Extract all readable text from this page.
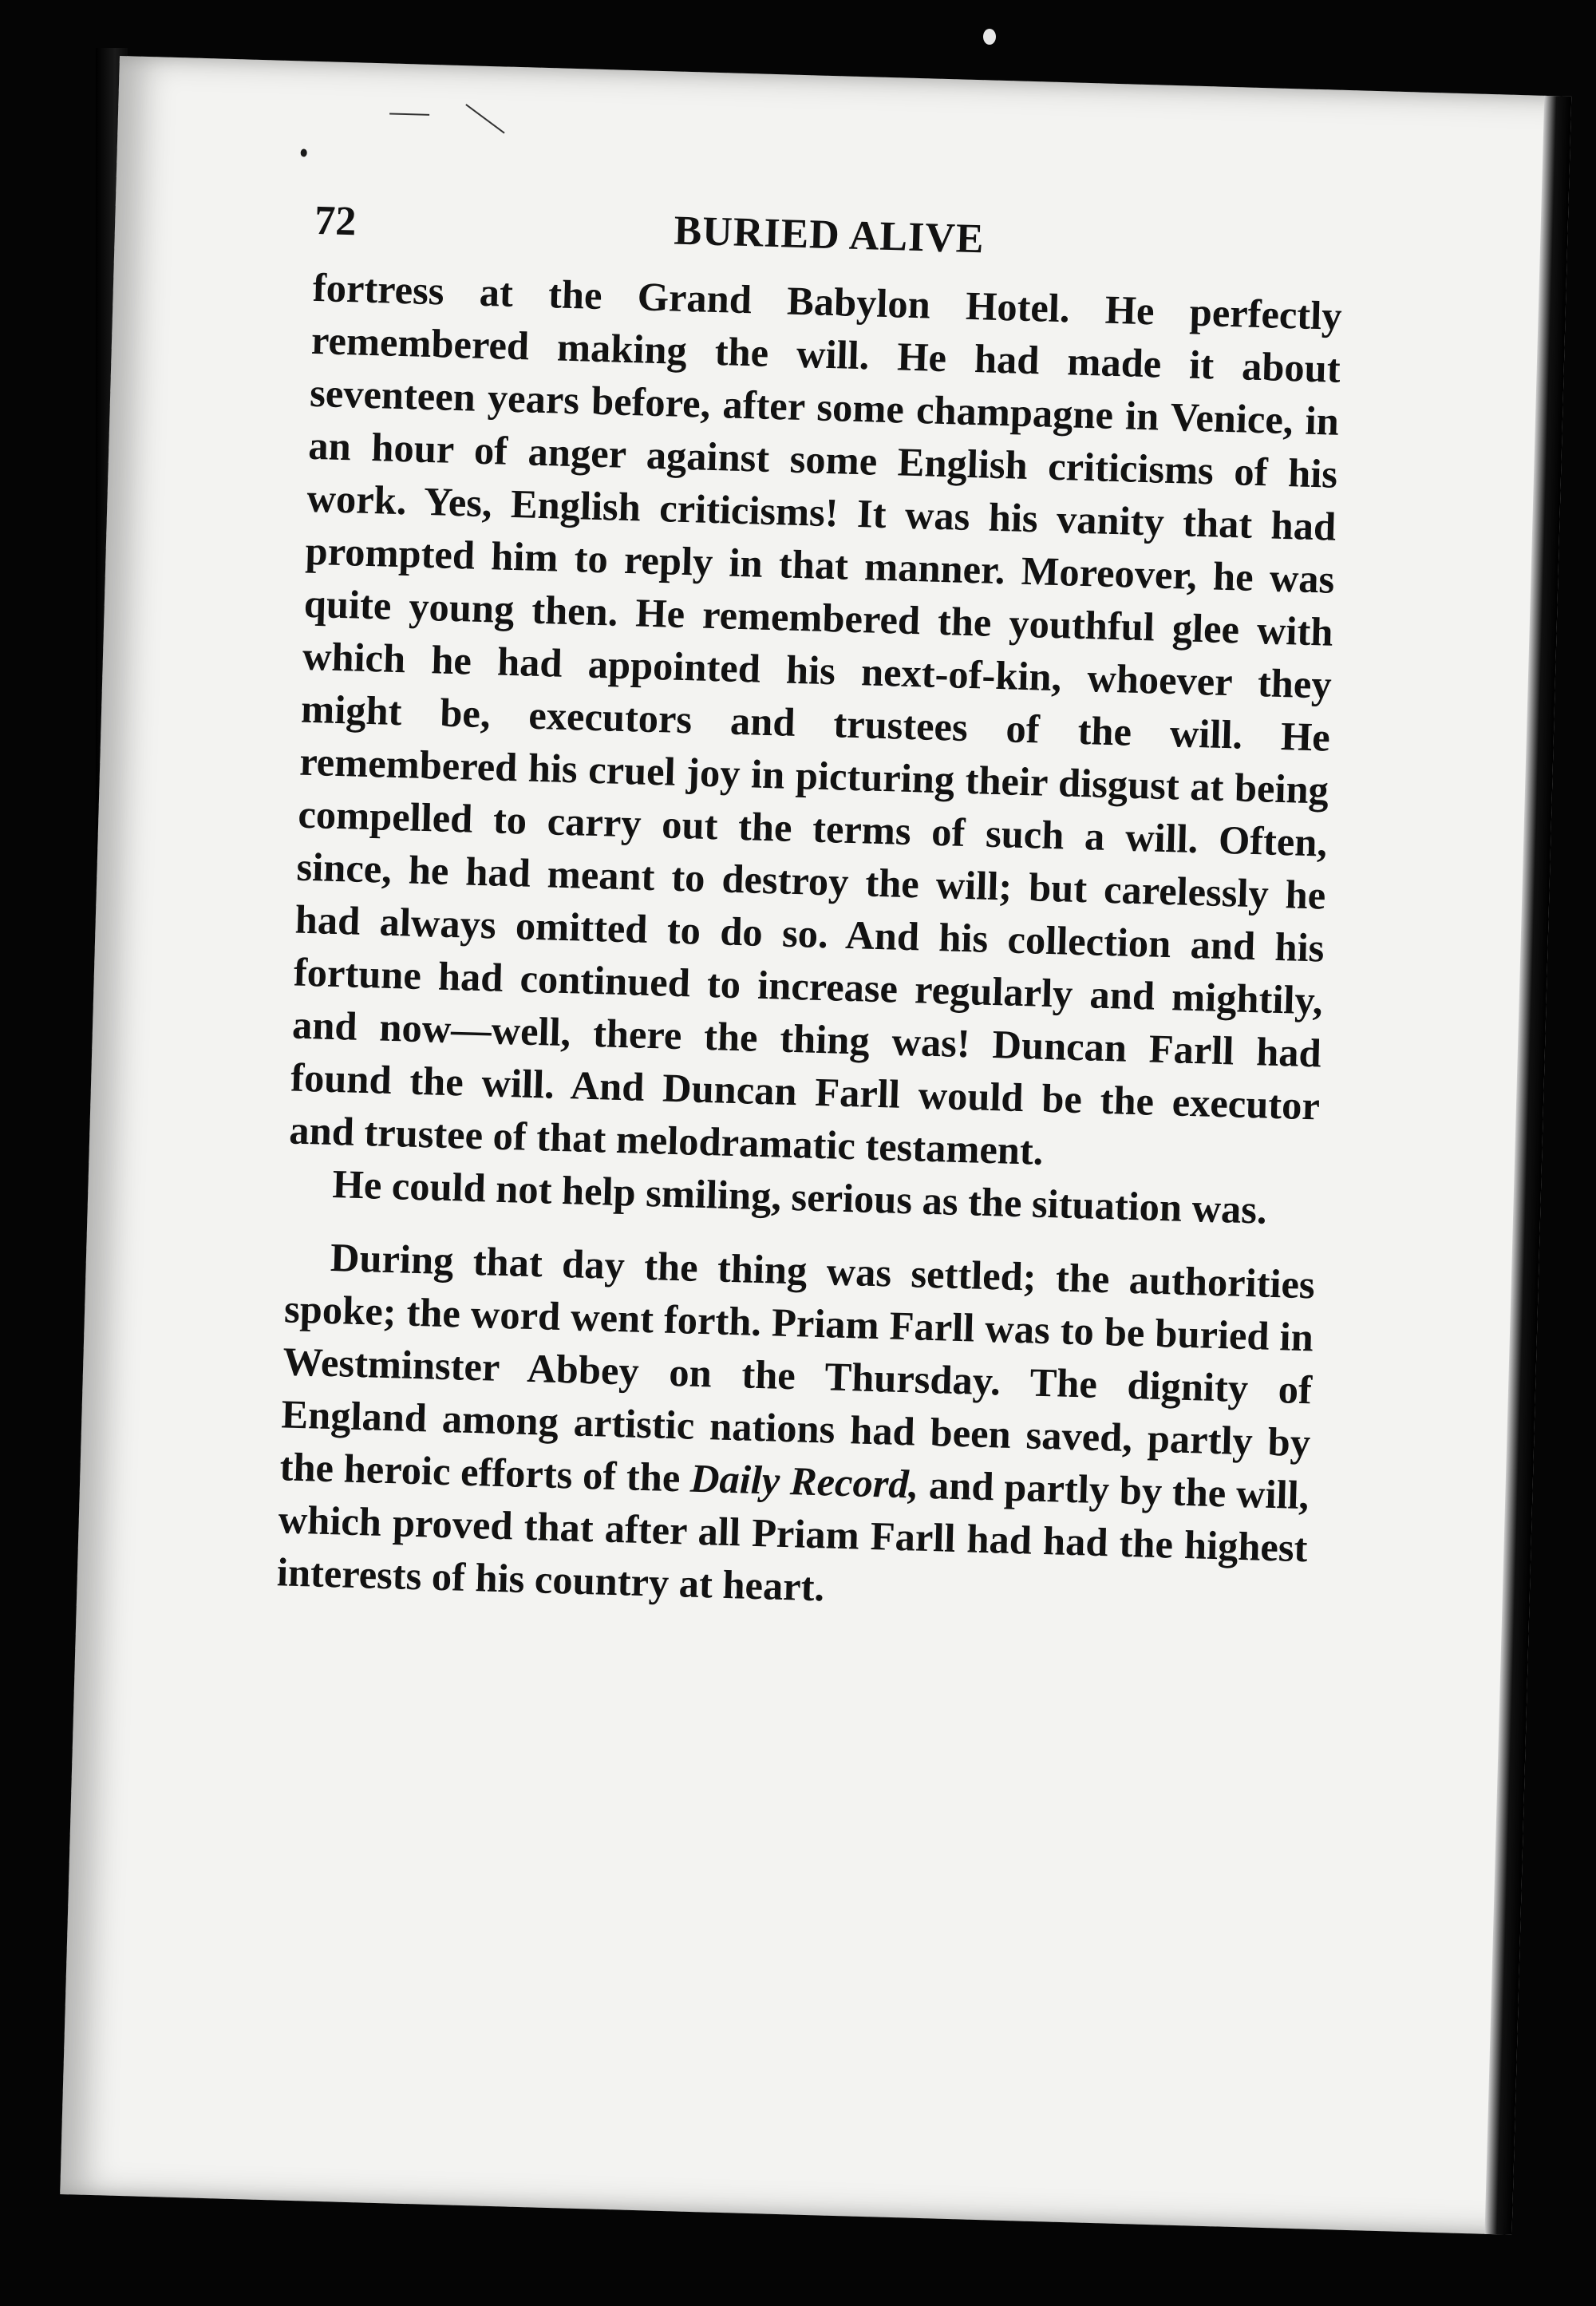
72	BURIED ALIVE

fortress at the Grand Babylon Hotel. He perfectly remembered making the will. He had made it about seventeen years before, after some champagne in Venice, in an hour of anger against some English criticisms of his work. Yes, English criticisms! It was his vanity that had prompted him to reply in that manner. Moreover, he was quite young then. He remembered the youthful glee with which he had appointed his next-of-kin, whoever they might be, executors and trustees of the will. He remembered his cruel joy in picturing their disgust at being compelled to carry out the terms of such a will. Often, since, he had meant to destroy the will; but carelessly he had always omitted to do so. And his collection and his fortune had continued to increase regularly and mightily, and now—well, there the thing was! Duncan Farll had found the will. And Duncan Farll would be the executor and trustee of that melodramatic testament.

He could not help smiling, serious as the situation was.

During that day the thing was settled; the authorities spoke; the word went forth. Priam Farll was to be buried in Westminster Abbey on the Thursday. The dignity of England among artistic nations had been saved, partly by the heroic efforts of the Daily Record, and partly by the will, which proved that after all Priam Farll had had the highest interests of his country at heart.
